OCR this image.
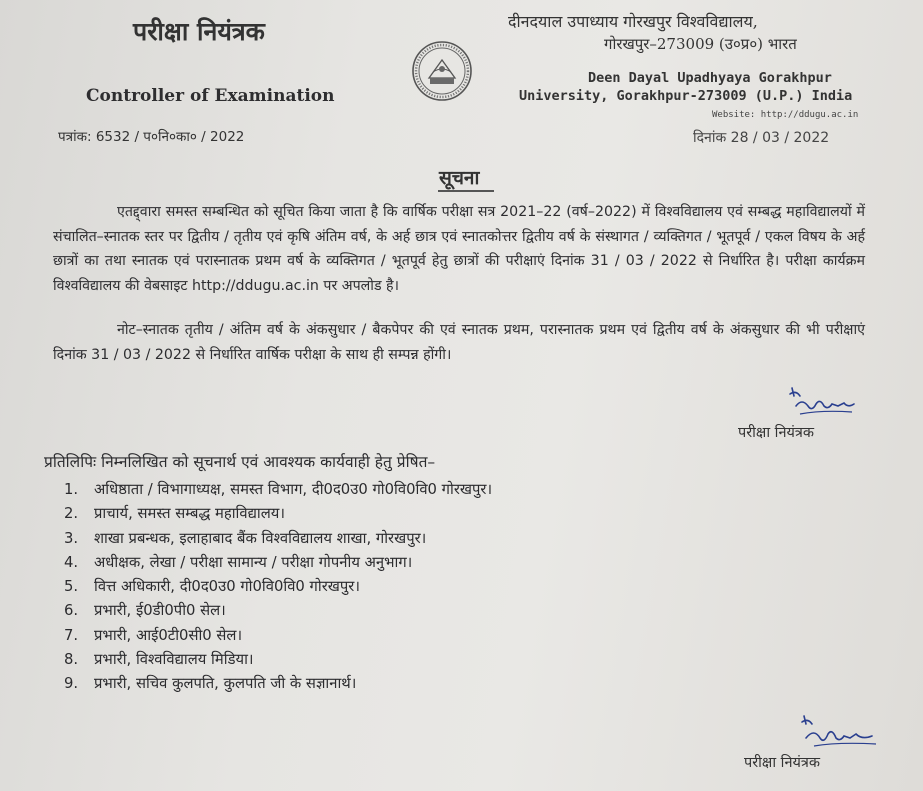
परीक्षा नियंत्रक
Controller of Examination
दीनदयाल उपाध्याय गोरखपुर विश्वविद्यालय,
गोरखपुर–273009 (उ०प्र०) भारत
Deen Dayal Upadhyaya Gorakhpur
University, Gorakhpur-273009 (U.P.) India
Website: http://ddugu.ac.in
पत्रांक: 6532 / प०नि०का० / 2022	दिनांक 28 / 03 / 2022
सूचना
एतद्द्वारा समस्त सम्बन्धित को सूचित किया जाता है कि वार्षिक परीक्षा सत्र 2021–22 (वर्ष–2022) में विश्वविद्यालय एवं सम्बद्ध महाविद्यालयों में संचालित–स्नातक स्तर पर द्वितीय / तृतीय एवं कृषि अंतिम वर्ष, के अर्ह छात्र एवं स्नातकोत्तर द्वितीय वर्ष के संस्थागत / व्यक्तिगत / भूतपूर्व / एकल विषय के अर्ह छात्रों का तथा स्नातक एवं परास्नातक प्रथम वर्ष के व्यक्तिगत / भूतपूर्व हेतु छात्रों की परीक्षाएं दिनांक 31 / 03 / 2022 से निर्धारित है। परीक्षा कार्यक्रम विश्वविद्यालय की वेबसाइट http://ddugu.ac.in पर अपलोड है।
नोट–स्नातक तृतीय / अंतिम वर्ष के अंकसुधार / बैकपेपर की एवं स्नातक प्रथम, परास्नातक प्रथम एवं द्वितीय वर्ष के अंकसुधार की भी परीक्षाएं दिनांक 31 / 03 / 2022 से निर्धारित वार्षिक परीक्षा के साथ ही सम्पन्न होंगी।
परीक्षा नियंत्रक
प्रतिलिपिः निम्नलिखित को सूचनार्थ एवं आवश्यक कार्यवाही हेतु प्रेषित–
1. अधिष्ठाता / विभागाध्यक्ष, समस्त विभाग, दी0द0उ0 गो0वि0वि0 गोरखपुर।
2. प्राचार्य, समस्त सम्बद्ध महाविद्यालय।
3. शाखा प्रबन्धक, इलाहाबाद बैंक विश्वविद्यालय शाखा, गोरखपुर।
4. अधीक्षक, लेखा / परीक्षा सामान्य / परीक्षा गोपनीय अनुभाग।
5. वित्त अधिकारी, दी0द0उ0 गो0वि0वि0 गोरखपुर।
6. प्रभारी, ई0डी0पी0 सेल।
7. प्रभारी, आई0टी0सी0 सेल।
8. प्रभारी, विश्वविद्यालय मिडिया।
9. प्रभारी, सचिव कुलपति, कुलपति जी के सज्ञानार्थ।
परीक्षा नियंत्रक
